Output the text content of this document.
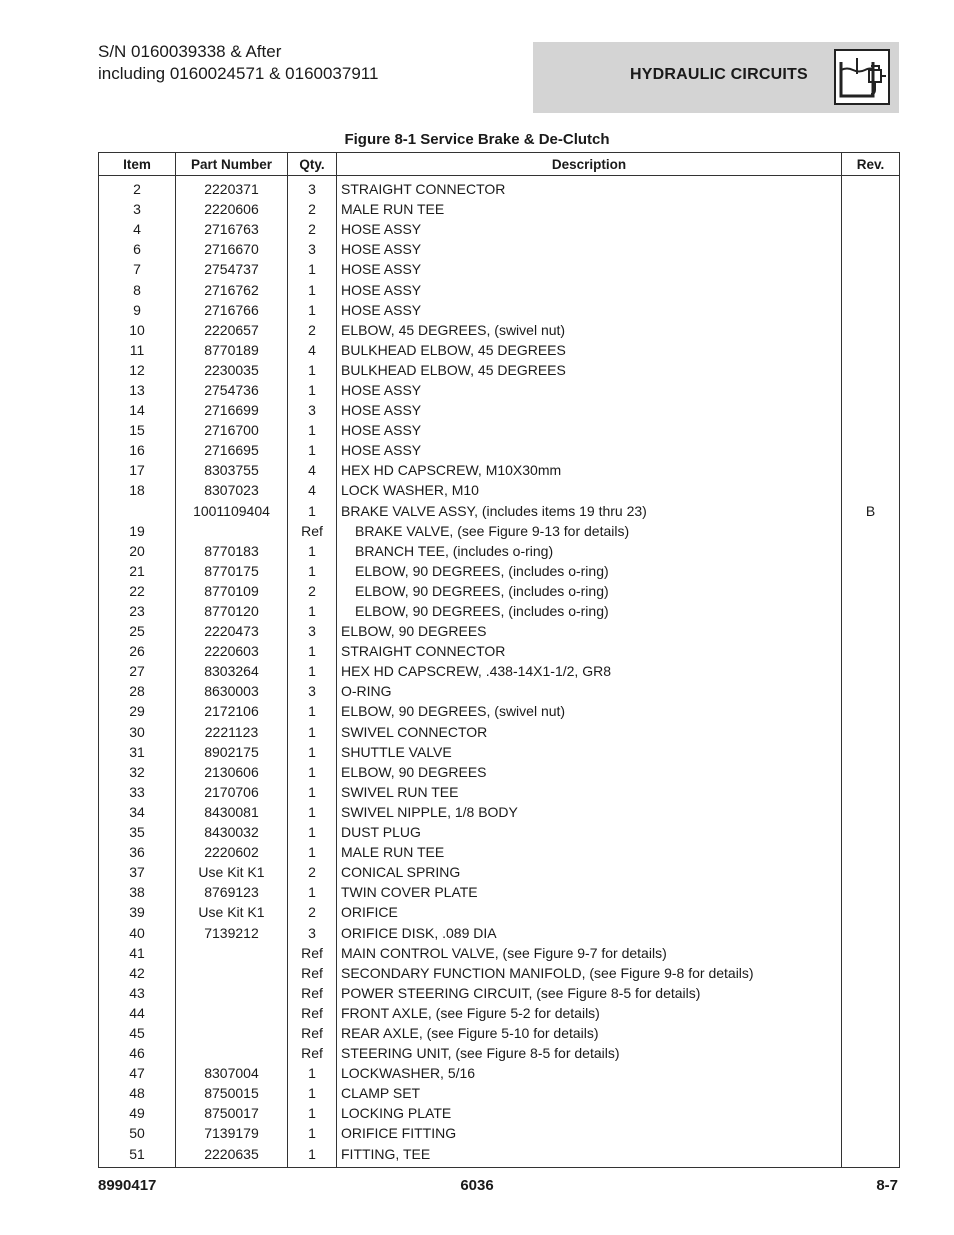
S/N 0160039338 & After
including 0160024571 & 0160037911	HYDRAULIC CIRCUITS
Figure 8-1 Service Brake & De-Clutch
Item	Part Number	Qty.	Description	Rev.
2	2220371	3	STRAIGHT CONNECTOR	
3	2220606	2	MALE RUN TEE	
4	2716763	2	HOSE ASSY	
6	2716670	3	HOSE ASSY	
7	2754737	1	HOSE ASSY	
8	2716762	1	HOSE ASSY	
9	2716766	1	HOSE ASSY	
10	2220657	2	ELBOW, 45 DEGREES, (swivel nut)	
11	8770189	4	BULKHEAD ELBOW, 45 DEGREES	
12	2230035	1	BULKHEAD ELBOW, 45 DEGREES	
13	2754736	1	HOSE ASSY	
14	2716699	3	HOSE ASSY	
15	2716700	1	HOSE ASSY	
16	2716695	1	HOSE ASSY	
17	8303755	4	HEX HD CAPSCREW, M10X30mm	
18	8307023	4	LOCK WASHER, M10	
	1001109404	1	BRAKE VALVE ASSY, (includes items 19 thru 23)	B
19		Ref	BRAKE VALVE, (see Figure 9-13 for details)	
20	8770183	1	BRANCH TEE, (includes o-ring)	
21	8770175	1	ELBOW, 90 DEGREES, (includes o-ring)	
22	8770109	2	ELBOW, 90 DEGREES, (includes o-ring)	
23	8770120	1	ELBOW, 90 DEGREES, (includes o-ring)	
25	2220473	3	ELBOW, 90 DEGREES	
26	2220603	1	STRAIGHT CONNECTOR	
27	8303264	1	HEX HD CAPSCREW, .438-14X1-1/2, GR8	
28	8630003	3	O-RING	
29	2172106	1	ELBOW, 90 DEGREES, (swivel nut)	
30	2221123	1	SWIVEL CONNECTOR	
31	8902175	1	SHUTTLE VALVE	
32	2130606	1	ELBOW, 90 DEGREES	
33	2170706	1	SWIVEL RUN TEE	
34	8430081	1	SWIVEL NIPPLE, 1/8 BODY	
35	8430032	1	DUST PLUG	
36	2220602	1	MALE RUN TEE	
37	Use Kit K1	2	CONICAL SPRING	
38	8769123	1	TWIN COVER PLATE	
39	Use Kit K1	2	ORIFICE	
40	7139212	3	ORIFICE DISK, .089 DIA	
41		Ref	MAIN CONTROL VALVE, (see Figure 9-7 for details)	
42		Ref	SECONDARY FUNCTION MANIFOLD, (see Figure 9-8 for details)	
43		Ref	POWER STEERING CIRCUIT, (see Figure 8-5 for details)	
44		Ref	FRONT AXLE, (see Figure 5-2 for details)	
45		Ref	REAR AXLE, (see Figure 5-10 for details)	
46		Ref	STEERING UNIT, (see Figure 8-5 for details)	
47	8307004	1	LOCKWASHER, 5/16	
48	8750015	1	CLAMP SET	
49	8750017	1	LOCKING PLATE	
50	7139179	1	ORIFICE FITTING	
51	2220635	1	FITTING, TEE	
8990417	6036	8-7
